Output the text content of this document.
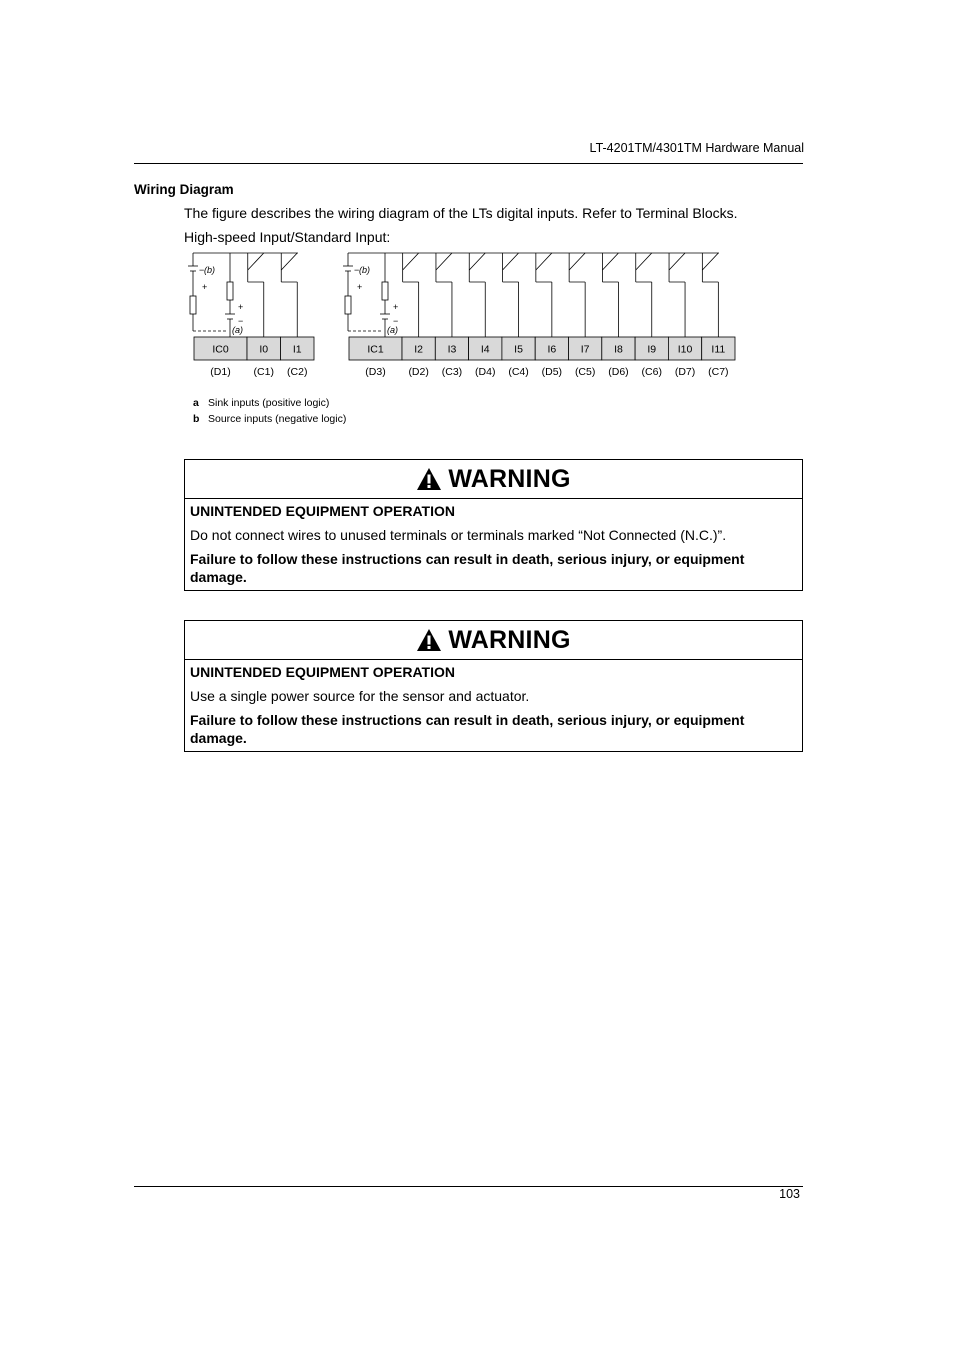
LT-4201TM/4301TM Hardware Manual
Wiring Diagram
The figure describes the wiring diagram of the LTs digital inputs. Refer to Terminal Blocks.
High-speed Input/Standard Input:
IC0
(D1)
I0
(C1)
I1
(C2)
− (b)
+
+
−
(a)
IC1
(D3)
I2
(D2)
I3
(C3)
I4
(D4)
I5
(C4)
I6
(D5)
I7
(C5)
I8
(D6)
I9
(C6)
I10
(D7)
I11
(C7)
− (b)
+
+
−
(a)
a Sink inputs (positive logic)
b Source inputs (negative logic)
WARNING
UNINTENDED EQUIPMENT OPERATION
Do not connect wires to unused terminals or terminals marked “Not Connected (N.C.)”.
Failure to follow these instructions can result in death, serious injury, or equipment damage.
WARNING
UNINTENDED EQUIPMENT OPERATION
Use a single power source for the sensor and actuator.
Failure to follow these instructions can result in death, serious injury, or equipment damage.
103
